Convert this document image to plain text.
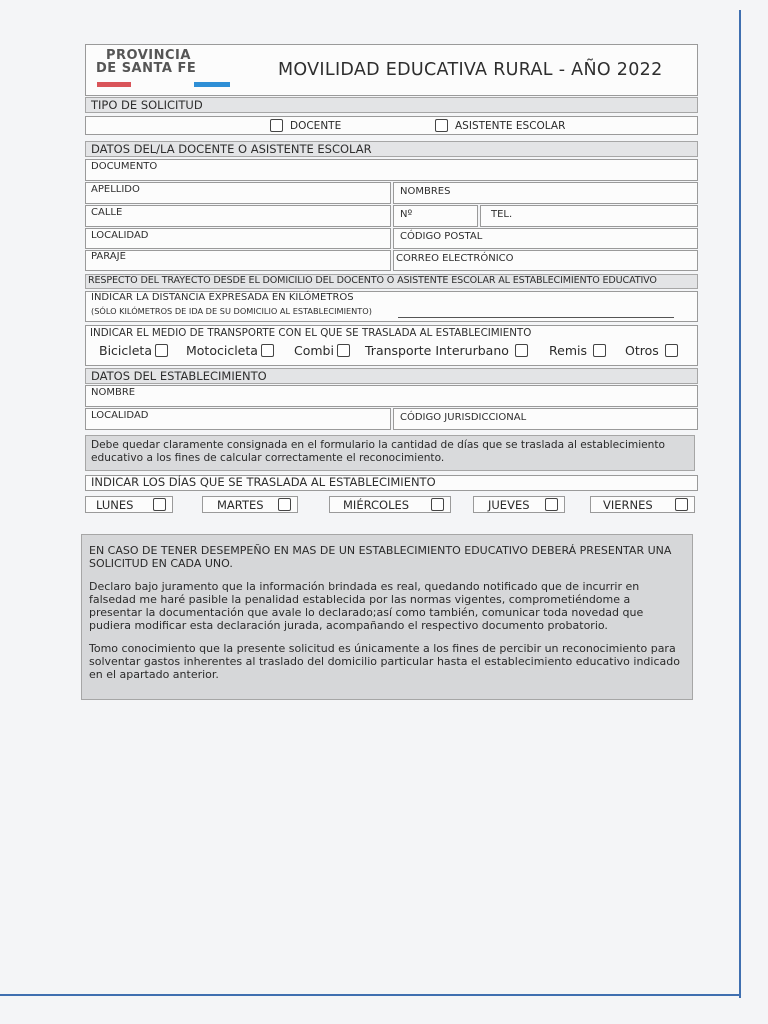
PROVINCIA
DE SANTA FE	MOVILIDAD EDUCATIVA RURAL - AÑO 2022
TIPO DE SOLICITUD
DOCENTE	ASISTENTE ESCOLAR
DATOS DEL/LA DOCENTE O ASISTENTE ESCOLAR
DOCUMENTO
APELLIDO	NOMBRES
CALLE	Nº	TEL.
LOCALIDAD	CÓDIGO POSTAL
PARAJE	CORREO ELECTRÓNICO
RESPECTO DEL TRAYECTO DESDE EL DOMICILIO DEL DOCENTO O ASISTENTE ESCOLAR AL ESTABLECIMIENTO EDUCATIVO
INDICAR LA DISTANCIA EXPRESADA EN KILÓMETROS
(SÓLO KILÓMETROS DE IDA DE SU DOMICILIO AL ESTABLECIMIENTO)
INDICAR EL MEDIO DE TRANSPORTE CON EL QUE SE TRASLADA AL ESTABLECIMIENTO
Bicicleta	Motocicleta	Combi Transporte Interurbano	Remis	Otros
DATOS DEL ESTABLECIMIENTO
NOMBRE
LOCALIDAD	CÓDIGO JURISDICCIONAL
Debe quedar claramente consignada en el formulario la cantidad de días que se traslada al establecimiento educativo a los fines de calcular correctamente el reconocimiento.
INDICAR LOS DÍAS QUE SE TRASLADA AL ESTABLECIMIENTO
LUNES	MARTES	MIÉRCOLES	JUEVES	VIERNES

EN CASO DE TENER DESEMPEÑO EN MAS DE UN ESTABLECIMIENTO EDUCATIVO DEBERÁ PRESENTAR UNA SOLICITUD EN CADA UNO.

Declaro bajo juramento que la información brindada es real, quedando notificado que de incurrir en falsedad me haré pasible la penalidad establecida por las normas vigentes, comprometiéndome a presentar la documentación que avale lo declarado;así como también, comunicar toda novedad que pudiera modificar esta declaración jurada, acompañando el respectivo documento probatorio.

Tomo conocimiento que la presente solicitud es únicamente a los fines de percibir un reconocimiento para solventar gastos inherentes al traslado del domicilio particular hasta el establecimiento educativo indicado en el apartado anterior.
